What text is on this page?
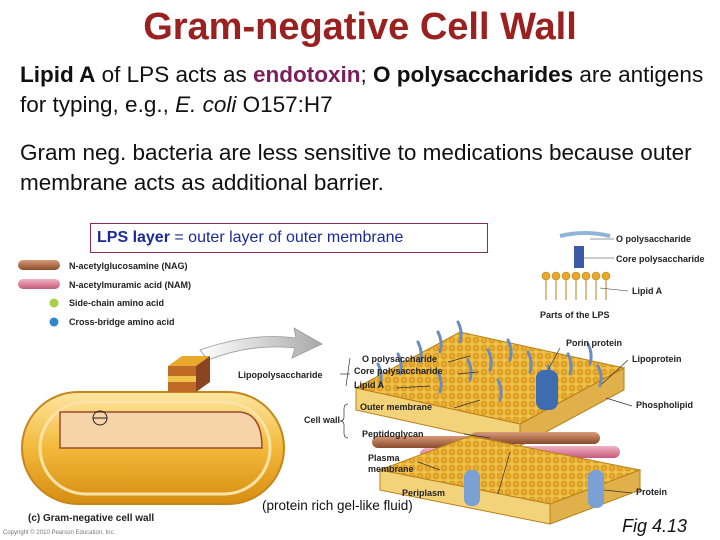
Gram-negative Cell Wall
Lipid A of LPS acts as endotoxin; O polysaccharides are antigens for typing, e.g., E. coli O157:H7
Gram neg. bacteria are less sensitive to medications because outer membrane acts as additional barrier.
N-acetylglucosamine (NAG)
N-acetylmuramic acid (NAM)
Side-chain amino acid
Cross-bridge amino acid
O polysaccharide
Core polysaccharide
Lipid A
Parts of the LPS
Porin protein
O polysaccharide
Core polysaccharide
Lipid A
Lipopolysaccharide
Lipoprotein
Outer membrane
Cell wall
Phospholipid
Peptidoglycan
Plasma
membrane
Periplasm	Protein
(c) Gram-negative cell wall
LPS layer = outer layer of outer membrane
(protein rich gel-like fluid)
Fig 4.13
Copyright © 2010 Pearson Education, Inc.
